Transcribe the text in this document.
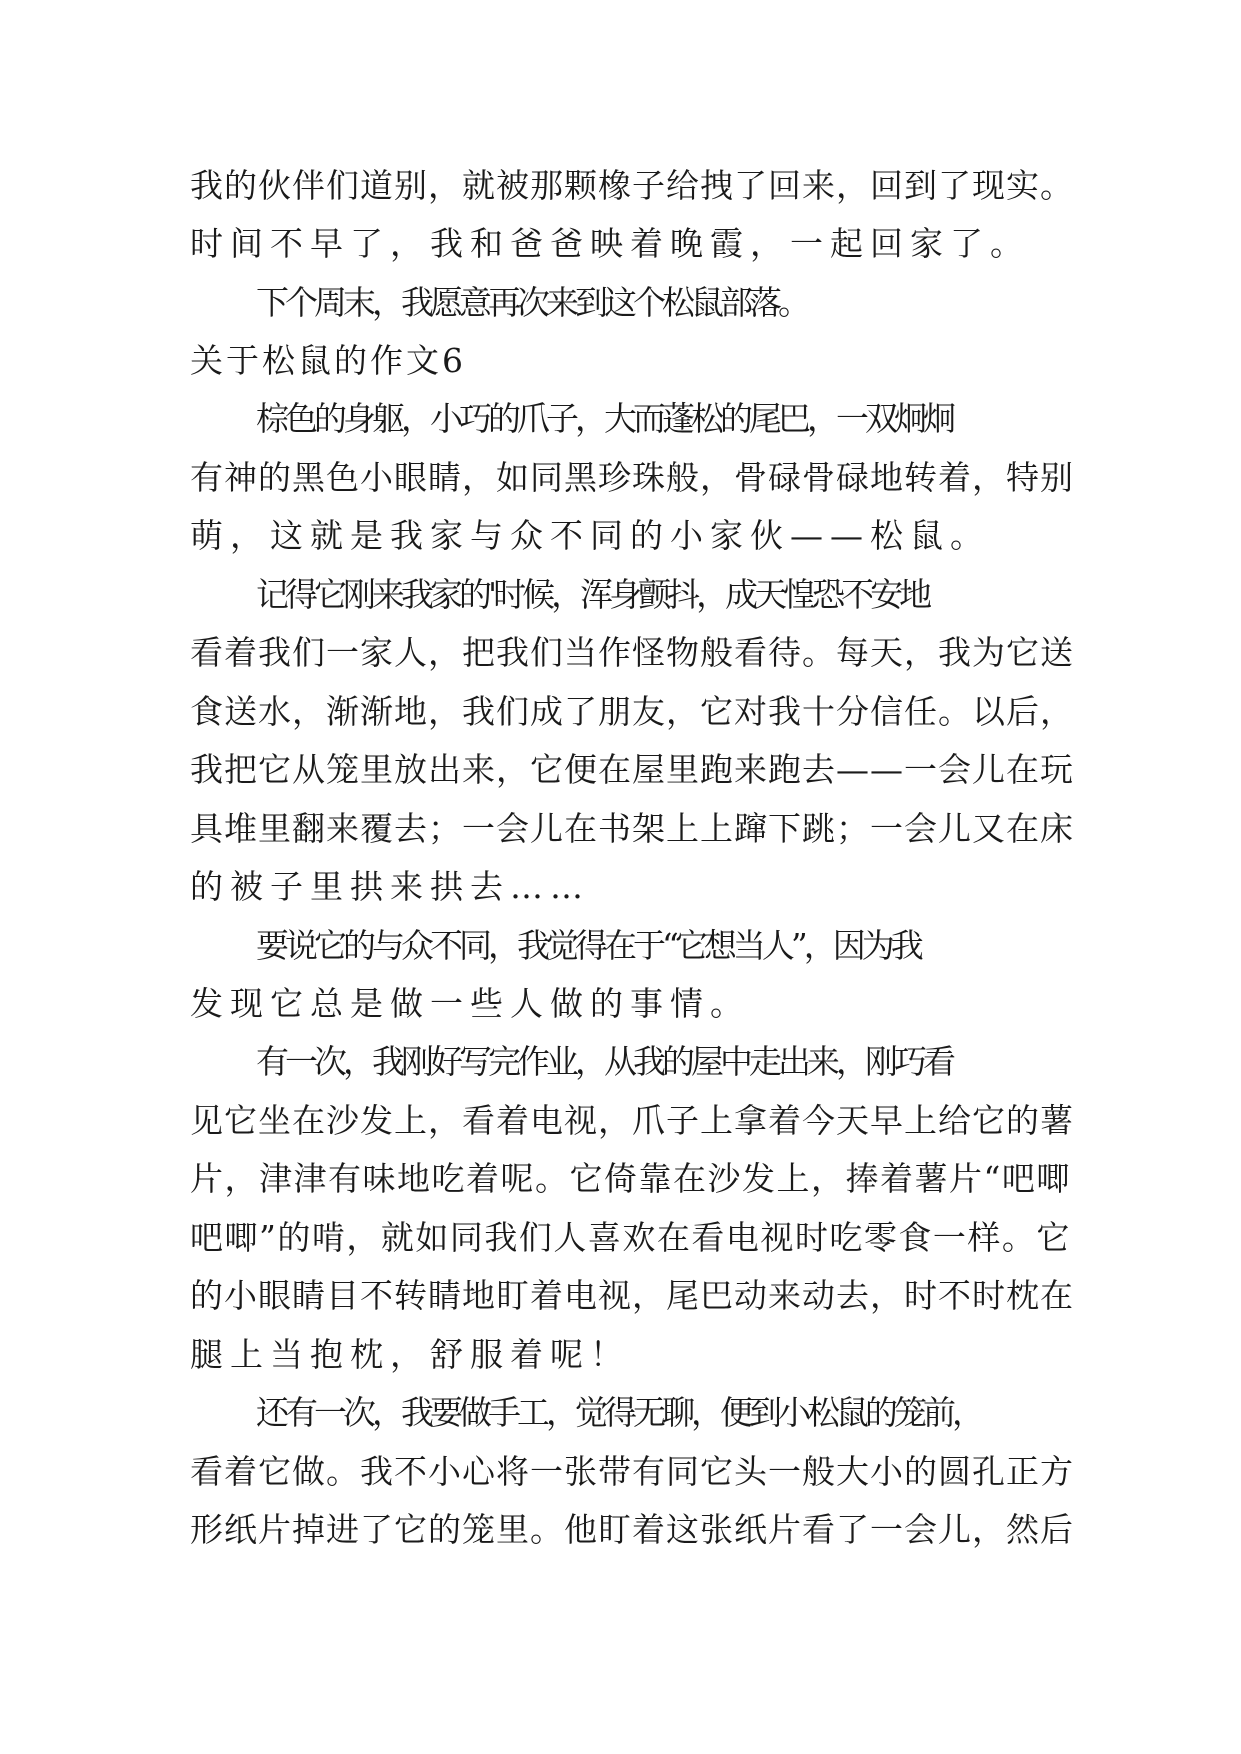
我的伙伴们道别，就被那颗橡子给拽了回来，回到了现实。
时间不早了，我和爸爸映着晚霞，一起回家了。
下个周末，我愿意再次来到这个松鼠部落。
关于松鼠的作文6
棕色的身躯，小巧的爪子，大而蓬松的尾巴，一双炯炯
有神的黑色小眼睛，如同黑珍珠般，骨碌骨碌地转着，特别
萌，这就是我家与众不同的小家伙——松鼠。
记得它刚来我家的'时候，浑身颤抖，成天惶恐不安地
看着我们一家人，把我们当作怪物般看待。每天，我为它送
食送水，渐渐地，我们成了朋友，它对我十分信任。以后，
我把它从笼里放出来，它便在屋里跑来跑去——一会儿在玩
具堆里翻来覆去；一会儿在书架上上蹿下跳；一会儿又在床
的被子里拱来拱去……
要说它的与众不同，我觉得在于“它想当人”，因为我
发现它总是做一些人做的事情。
有一次，我刚好写完作业，从我的屋中走出来，刚巧看
见它坐在沙发上，看着电视，爪子上拿着今天早上给它的薯
片，津津有味地吃着呢。它倚靠在沙发上，捧着薯片“吧唧
吧唧”的啃，就如同我们人喜欢在看电视时吃零食一样。它
的小眼睛目不转睛地盯着电视，尾巴动来动去，时不时枕在
腿上当抱枕，舒服着呢！
还有一次，我要做手工，觉得无聊，便到小松鼠的笼前，
看着它做。我不小心将一张带有同它头一般大小的圆孔正方
形纸片掉进了它的笼里。他盯着这张纸片看了一会儿，然后
